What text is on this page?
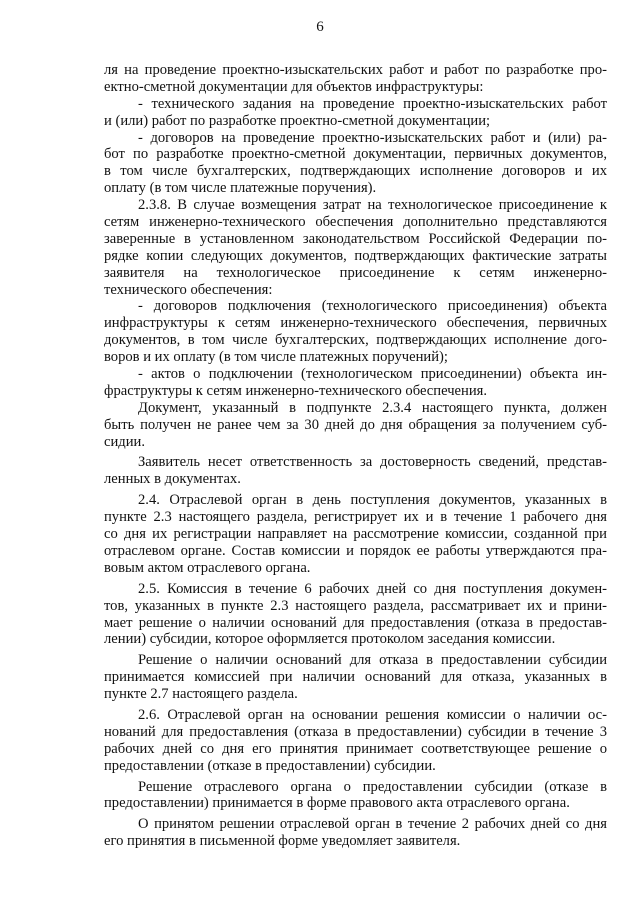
6
ля на проведение проектно-изыскательских работ и работ по разработке про-
ектно-сметной документации для объектов инфраструктуры:
- технического задания на проведение проектно-изыскательских работ
и (или) работ по разработке проектно-сметной документации;
- договоров на проведение проектно-изыскательских работ и (или) ра-
бот по разработке проектно-сметной документации, первичных документов,
в том числе бухгалтерских, подтверждающих исполнение договоров и их
оплату (в том числе платежные поручения).
2.3.8. В случае возмещения затрат на технологическое присоединение к
сетям инженерно-технического обеспечения дополнительно представляются
заверенные в установленном законодательством Российской Федерации по-
рядке копии следующих документов, подтверждающих фактические затраты
заявителя на технологическое присоединение к сетям инженерно-
технического обеспечения:
- договоров подключения (технологического присоединения) объекта
инфраструктуры к сетям инженерно-технического обеспечения, первичных
документов, в том числе бухгалтерских, подтверждающих исполнение дого-
воров и их оплату (в том числе платежных поручений);
- актов о подключении (технологическом присоединении) объекта ин-
фраструктуры к сетям инженерно-технического обеспечения.
Документ, указанный в подпункте 2.3.4 настоящего пункта, должен
быть получен не ранее чем за 30 дней до дня обращения за получением суб-
сидии.
Заявитель несет ответственность за достоверность сведений, представ-
ленных в документах.
2.4. Отраслевой орган в день поступления документов, указанных в
пункте 2.3 настоящего раздела, регистрирует их и в течение 1 рабочего дня
со дня их регистрации направляет на рассмотрение комиссии, созданной при
отраслевом органе. Состав комиссии и порядок ее работы утверждаются пра-
вовым актом отраслевого органа.
2.5. Комиссия в течение 6 рабочих дней со дня поступления докумен-
тов, указанных в пункте 2.3 настоящего раздела, рассматривает их и прини-
мает решение о наличии оснований для предоставления (отказа в предостав-
лении) субсидии, которое оформляется протоколом заседания комиссии.
Решение о наличии оснований для отказа в предоставлении субсидии
принимается комиссией при наличии оснований для отказа, указанных в
пункте 2.7 настоящего раздела.
2.6. Отраслевой орган на основании решения комиссии о наличии ос-
нований для предоставления (отказа в предоставлении) субсидии в течение 3
рабочих дней со дня его принятия принимает соответствующее решение о
предоставлении (отказе в предоставлении) субсидии.
Решение отраслевого органа о предоставлении субсидии (отказе в
предоставлении) принимается в форме правового акта отраслевого органа.
О принятом решении отраслевой орган в течение 2 рабочих дней со дня
его принятия в письменной форме уведомляет заявителя.
